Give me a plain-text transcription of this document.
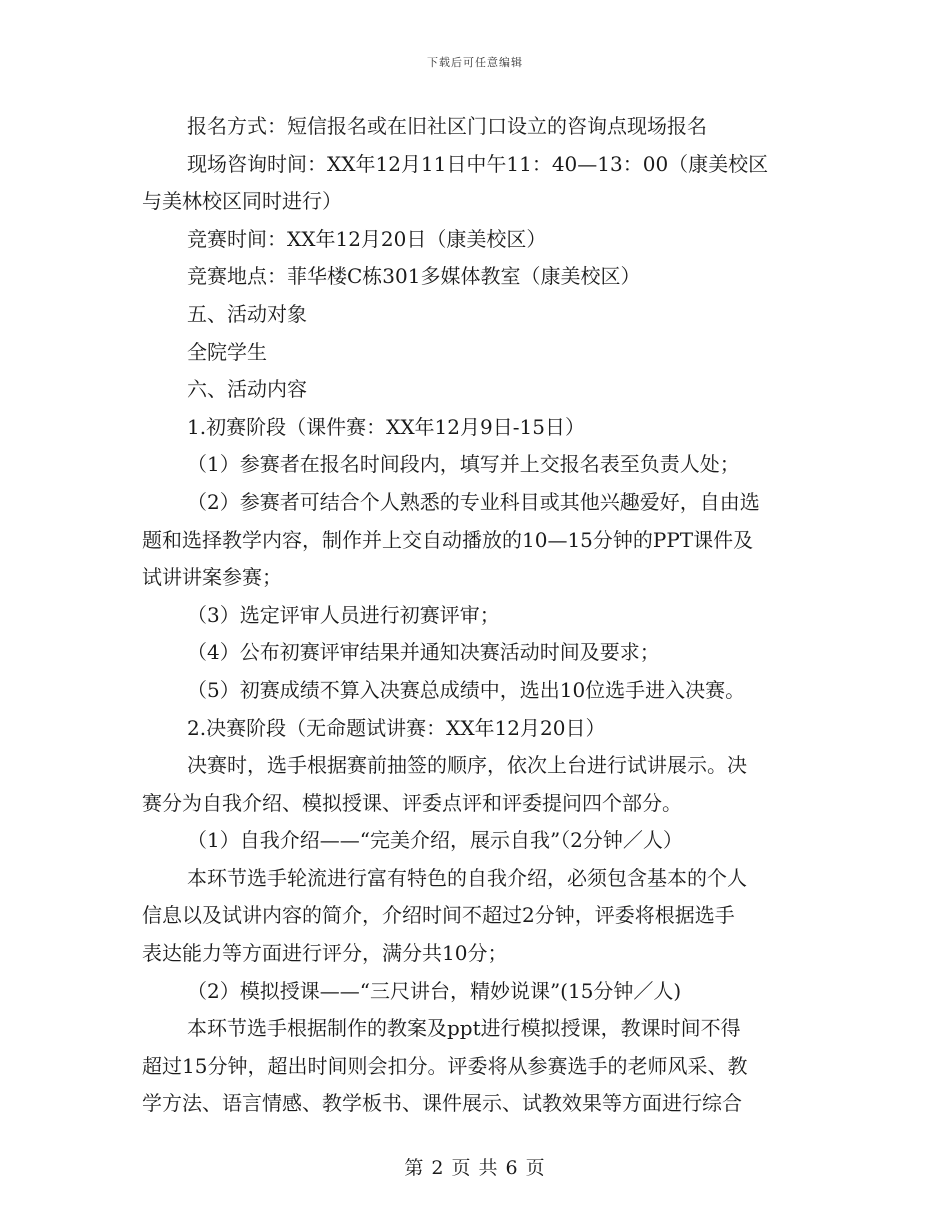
下载后可任意编辑

报名方式：短信报名或在旧社区门口设立的咨询点现场报名

现场咨询时间：XX年12月11日中午11：40—13：00（康美校区

与美林校区同时进行）

竞赛时间：XX年12月20日（康美校区）

竞赛地点：菲华楼C栋301多媒体教室（康美校区）

五、活动对象

全院学生

六、活动内容

1.初赛阶段（课件赛：XX年12月9日-15日）

（1）参赛者在报名时间段内，填写并上交报名表至负责人处；

（2）参赛者可结合个人熟悉的专业科目或其他兴趣爱好，自由选

题和选择教学内容，制作并上交自动播放的10—15分钟的PPT课件及

试讲讲案参赛；

（3）选定评审人员进行初赛评审；

（4）公布初赛评审结果并通知决赛活动时间及要求；

（5）初赛成绩不算入决赛总成绩中，选出10位选手进入决赛。

2.决赛阶段（无命题试讲赛：XX年12月20日）

决赛时，选手根据赛前抽签的顺序，依次上台进行试讲展示。决

赛分为自我介绍、模拟授课、评委点评和评委提问四个部分。

（1）自我介绍——“完美介绍，展示自我”（2分钟／人）

本环节选手轮流进行富有特色的自我介绍，必须包含基本的个人

信息以及试讲内容的简介，介绍时间不超过2分钟，评委将根据选手

表达能力等方面进行评分，满分共10分；

（2）模拟授课——“三尺讲台，精妙说课”(15分钟／人)

本环节选手根据制作的教案及ppt进行模拟授课，教课时间不得

超过15分钟，超出时间则会扣分。评委将从参赛选手的老师风采、教

学方法、语言情感、教学板书、课件展示、试教效果等方面进行综合

第 2 页 共 6 页
